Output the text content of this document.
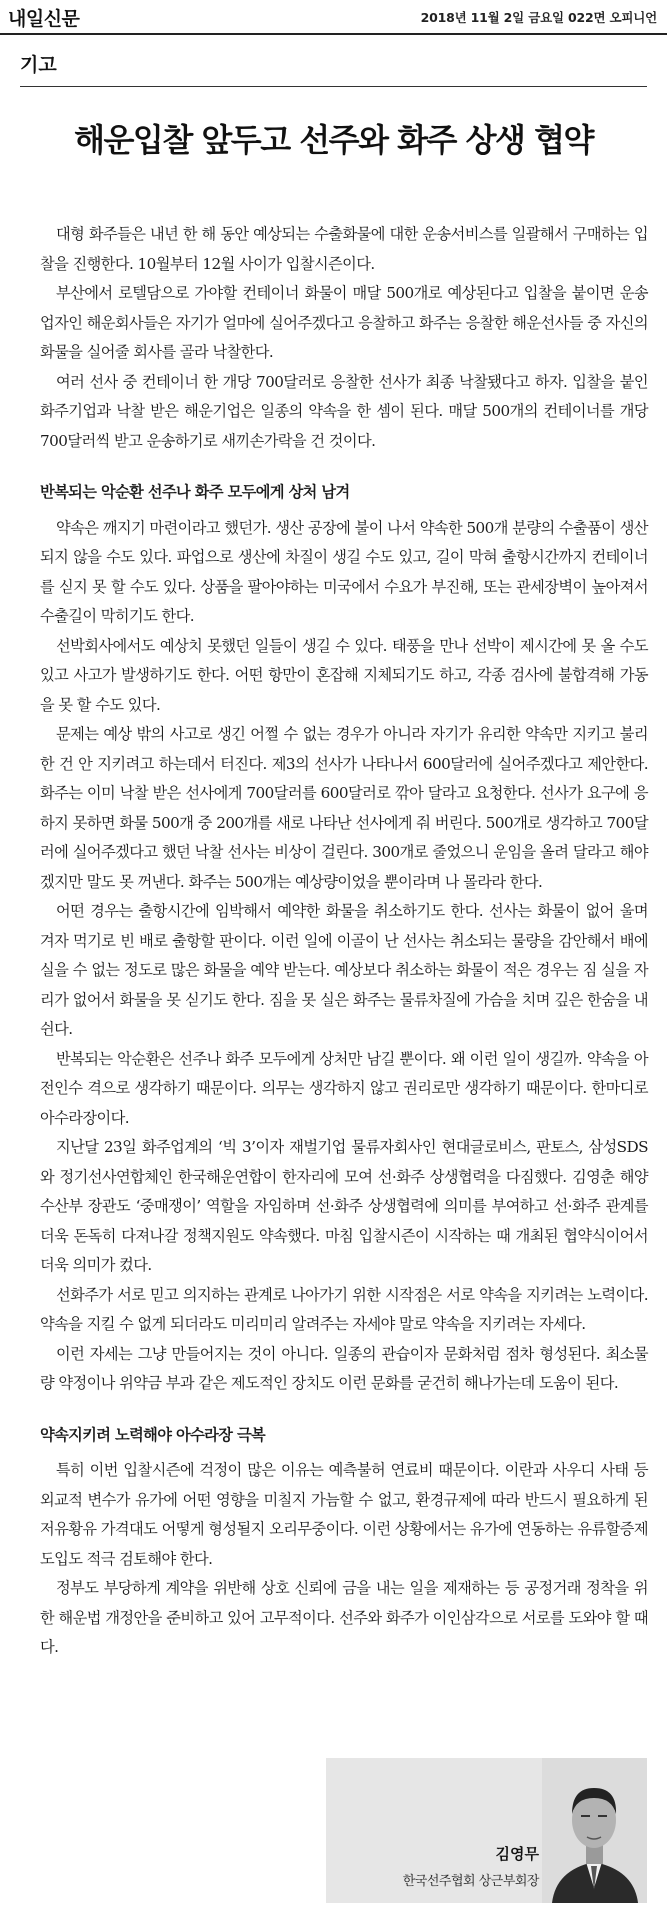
내일신문	2018년 11월 2일 금요일 022면 오피니언
기고
해운입찰 앞두고 선주와 화주 상생 협약

대형 화주들은 내년 한 해 동안 예상되는 수출화물에 대한 운송서비스를 일괄해서 구매하는 입찰을 진행한다. 10월부터 12월 사이가 입찰시즌이다.

부산에서 로텔담으로 가야할 컨테이너 화물이 매달 500개로 예상된다고 입찰을 붙이면 운송업자인 해운회사들은 자기가 얼마에 실어주겠다고 응찰하고 화주는 응찰한 해운선사들 중 자신의 화물을 실어줄 회사를 골라 낙찰한다.

여러 선사 중 컨테이너 한 개당 700달러로 응찰한 선사가 최종 낙찰됐다고 하자. 입찰을 붙인 화주기업과 낙찰 받은 해운기업은 일종의 약속을 한 셈이 된다. 매달 500개의 컨테이너를 개당 700달러씩 받고 운송하기로 새끼손가락을 건 것이다.

반복되는 악순환 선주나 화주 모두에게 상처 남겨

약속은 깨지기 마련이라고 했던가. 생산 공장에 불이 나서 약속한 500개 분량의 수출품이 생산되지 않을 수도 있다. 파업으로 생산에 차질이 생길 수도 있고, 길이 막혀 출항시간까지 컨테이너를 싣지 못 할 수도 있다. 상품을 팔아야하는 미국에서 수요가 부진해, 또는 관세장벽이 높아져서 수출길이 막히기도 한다.

선박회사에서도 예상치 못했던 일들이 생길 수 있다. 태풍을 만나 선박이 제시간에 못 올 수도 있고 사고가 발생하기도 한다. 어떤 항만이 혼잡해 지체되기도 하고, 각종 검사에 불합격해 가동을 못 할 수도 있다.

문제는 예상 밖의 사고로 생긴 어쩔 수 없는 경우가 아니라 자기가 유리한 약속만 지키고 불리한 건 안 지키려고 하는데서 터진다. 제3의 선사가 나타나서 600달러에 실어주겠다고 제안한다. 화주는 이미 낙찰 받은 선사에게 700달러를 600달러로 깎아 달라고 요청한다. 선사가 요구에 응하지 못하면 화물 500개 중 200개를 새로 나타난 선사에게 줘 버린다. 500개로 생각하고 700달러에 실어주겠다고 했던 낙찰 선사는 비상이 걸린다. 300개로 줄었으니 운임을 올려 달라고 해야겠지만 말도 못 꺼낸다. 화주는 500개는 예상량이었을 뿐이라며 나 몰라라 한다.

어떤 경우는 출항시간에 임박해서 예약한 화물을 취소하기도 한다. 선사는 화물이 없어 울며 겨자 먹기로 빈 배로 출항할 판이다. 이런 일에 이골이 난 선사는 취소되는 물량을 감안해서 배에 실을 수 없는 정도로 많은 화물을 예약 받는다. 예상보다 취소하는 화물이 적은 경우는 짐 실을 자리가 없어서 화물을 못 싣기도 한다. 짐을 못 실은 화주는 물류차질에 가슴을 치며 깊은 한숨을 내쉰다.

반복되는 악순환은 선주나 화주 모두에게 상처만 남길 뿐이다. 왜 이런 일이 생길까. 약속을 아전인수 격으로 생각하기 때문이다. 의무는 생각하지 않고 권리로만 생각하기 때문이다. 한마디로 아수라장이다.

지난달 23일 화주업계의 ‘빅 3’이자 재벌기업 물류자회사인 현대글로비스, 판토스, 삼성SDS와 정기선사연합체인 한국해운연합이 한자리에 모여 선·화주 상생협력을 다짐했다. 김영춘 해양수산부 장관도 ‘중매쟁이’ 역할을 자임하며 선·화주 상생협력에 의미를 부여하고 선·화주 관계를 더욱 돈독히 다져나갈 정책지원도 약속했다. 마침 입찰시즌이 시작하는 때 개최된 협약식이어서 더욱 의미가 컸다.

선화주가 서로 믿고 의지하는 관계로 나아가기 위한 시작점은 서로 약속을 지키려는 노력이다. 약속을 지킬 수 없게 되더라도 미리미리 알려주는 자세야 말로 약속을 지키려는 자세다.

이런 자세는 그냥 만들어지는 것이 아니다. 일종의 관습이자 문화처럼 점차 형성된다. 최소물량 약정이나 위약금 부과 같은 제도적인 장치도 이런 문화를 굳건히 해나가는데 도움이 된다.

약속지키려 노력해야 아수라장 극복

특히 이번 입찰시즌에 걱정이 많은 이유는 예측불허 연료비 때문이다. 이란과 사우디 사태 등 외교적 변수가 유가에 어떤 영향을 미칠지 가늠할 수 없고, 환경규제에 따라 반드시 필요하게 된 저유황유 가격대도 어떻게 형성될지 오리무중이다. 이런 상황에서는 유가에 연동하는 유류할증제 도입도 적극 검토해야 한다.

정부도 부당하게 계약을 위반해 상호 신뢰에 금을 내는 일을 제재하는 등 공정거래 정착을 위한 해운법 개정안을 준비하고 있어 고무적이다. 선주와 화주가 이인삼각으로 서로를 도와야 할 때다.

김영무
한국선주협회 상근부회장
